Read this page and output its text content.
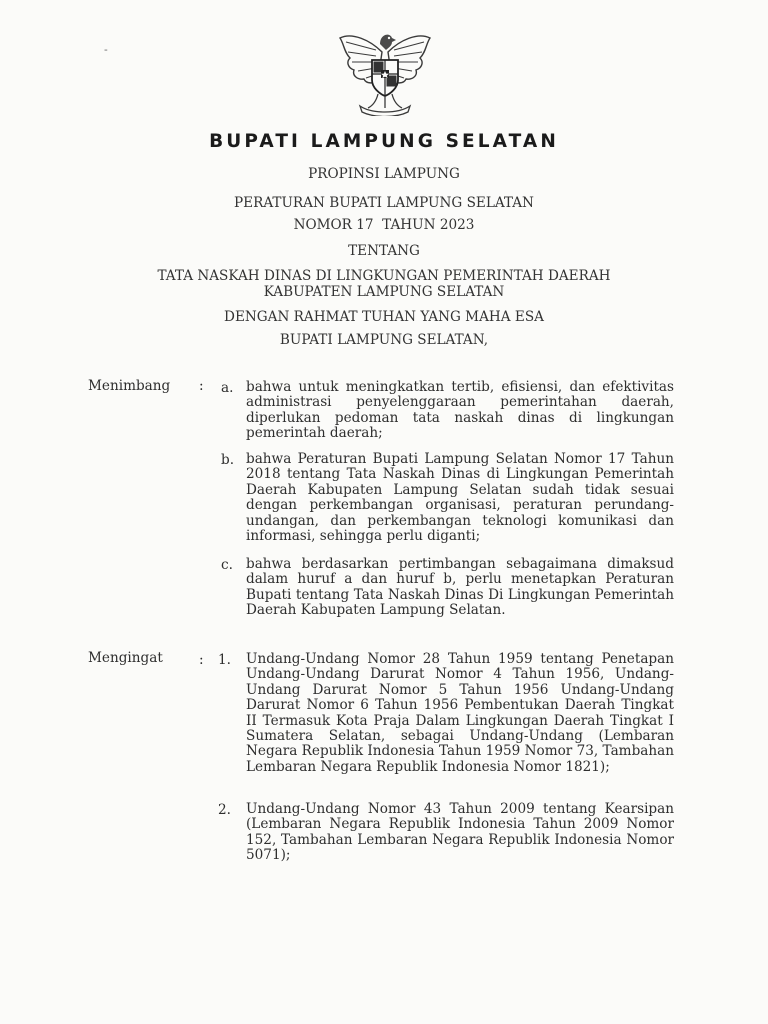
-
BUPATI LAMPUNG SELATAN
PROPINSI LAMPUNG
PERATURAN BUPATI LAMPUNG SELATAN
NOMOR 17  TAHUN 2023
TENTANG
TATA NASKAH DINAS DI LINGKUNGAN PEMERINTAH DAERAH
KABUPATEN LAMPUNG SELATAN
DENGAN RAHMAT TUHAN YANG MAHA ESA
BUPATI LAMPUNG SELATAN,
Menimbang : a. bahwa untuk meningkatkan tertib, efisiensi, dan efektivitas administrasi penyelenggaraan pemerintahan daerah, diperlukan pedoman tata naskah dinas di lingkungan pemerintah daerah;
b. bahwa Peraturan Bupati Lampung Selatan Nomor 17 Tahun 2018 tentang Tata Naskah Dinas di Lingkungan Pemerintah Daerah Kabupaten Lampung Selatan sudah tidak sesuai dengan perkembangan organisasi, peraturan perundang-undangan, dan perkembangan teknologi komunikasi dan informasi, sehingga perlu diganti;
c. bahwa berdasarkan pertimbangan sebagaimana dimaksud dalam huruf a dan huruf b, perlu menetapkan Peraturan Bupati tentang Tata Naskah Dinas Di Lingkungan Pemerintah Daerah Kabupaten Lampung Selatan.
Mengingat	: 1. Undang-Undang Nomor 28 Tahun 1959 tentang Penetapan Undang-Undang Darurat Nomor 4 Tahun 1956, Undang-Undang Darurat Nomor 5 Tahun 1956 Undang-Undang Darurat Nomor 6 Tahun 1956 Pembentukan Daerah Tingkat II Termasuk Kota Praja Dalam Lingkungan Daerah Tingkat I Sumatera Selatan, sebagai Undang-Undang (Lembaran Negara Republik Indonesia Tahun 1959 Nomor 73, Tambahan Lembaran Negara Republik Indonesia Nomor 1821);
2. Undang-Undang Nomor 43 Tahun 2009 tentang Kearsipan (Lembaran Negara Republik Indonesia Tahun 2009 Nomor 152, Tambahan Lembaran Negara Republik Indonesia Nomor 5071);
